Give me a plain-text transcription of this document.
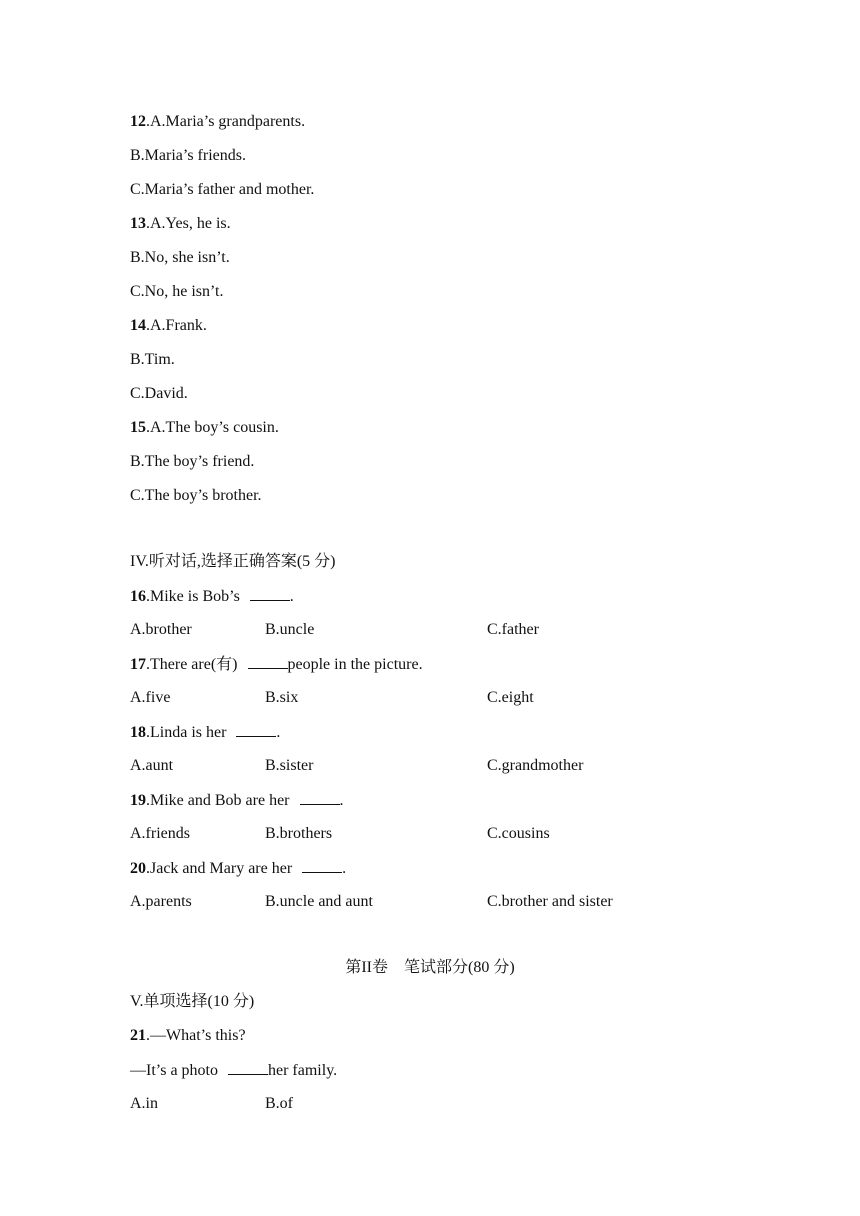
12.A.Maria’s grandparents.
B.Maria’s friends.
C.Maria’s father and mother.
13.A.Yes, he is.
B.No, she isn’t.
C.No, he isn’t.
14.A.Frank.
B.Tim.
C.David.
15.A.The boy’s cousin.
B.The boy’s friend.
C.The boy’s brother.
IV.听对话,选择正确答案(5 分)
16.Mike is Bob’s	.
A.brother	B.uncle	C.father
17.There are(有)	people in the picture.
A.five	B.six	C.eight
18.Linda is her	.
A.aunt	B.sister	C.grandmother
19.Mike and Bob are her	.
A.friends	B.brothers	C.cousins
20.Jack and Mary are her	.
A.parents	B.uncle and aunt	C.brother and sister
第II卷　笔试部分(80 分)
V.单项选择(10 分)
21.—What’s this?
—It’s a photo	her family.
A.in	B.of
